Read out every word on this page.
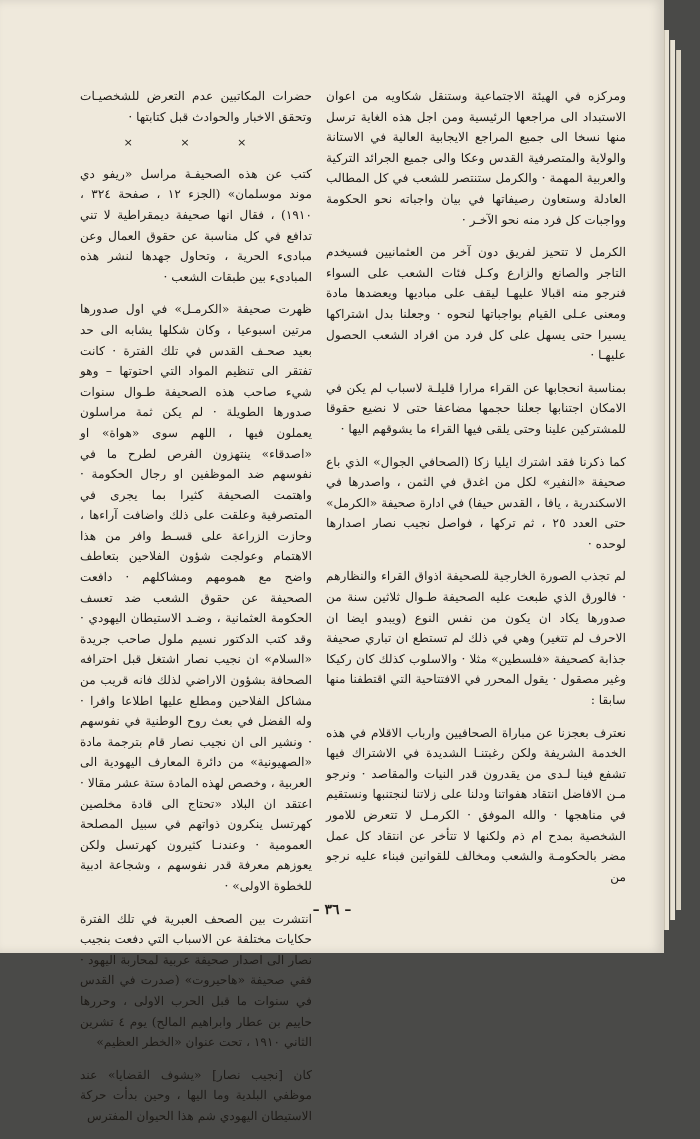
ومركزه في الهيئة الاجتماعية وستنقل شكاويه من اعوان الاستبداد الى مراجعها الرئيسية ومن اجل هذه الغاية ترسل منها نسخا الى جميع المراجع الايجابية العالية في الاستانة والولاية والمتصرفية القدس وعكا والى جميع الجرائد التركية والعربية المهمة · والكرمل ستنتصر للشعب في كل المطالب العادلة وستعاون رصيفاتها في بيان واجباته نحو الحكومة وواجبات كل فرد منه نحو الآخـر ·

الكرمل لا تتحيز لفريق دون آخر من العثمانيين فسيخدم التاجر والصانع والزارع وكـل فئات الشعب على السواء فنرجو منه اقبالا عليهـا ليقف على مباديها ويعضدها مادة ومعنى عـلى القيام بواجباتها لنحوه · وجعلنا بدل اشتراكها يسيرا حتى يسهل على كل فرد من افراد الشعب الحصول عليهـا ·

بمناسبة انحجابها عن القراء مرارا قليلـة لاسباب لم يكن في الامكان اجتنابها جعلنا حجمها مضاعفا حتى لا نضيع حقوقا للمشتركين علينا وحتى يلقى فيها القراء ما يشوقهم اليها ·

كما ذكرنا فقد اشترك ايليا زكا (الصحافي الجوال» الذي باع صحيفة «النفير» لكل من اغدق في الثمن ، واصدرها في الاسكندرية ، يافا ، القدس حيفا) في ادارة صحيفة «الكرمل» حتى العدد ٢٥ ، ثم تركها ، فواصل نجيب نصار اصدارها لوحده ·

لم تجذب الصورة الخارجية للصحيفة اذواق القراء والنظارهم · فالورق الذي طبعت عليه الصحيفة طـوال ثلاثين سنة من صدورها يكاد ان يكون من نفس النوع (ويبدو ايضا ان الاحرف لم تتغير) وهي في ذلك لم تستطع ان تباري صحيفة جذابة كصحيفة «فلسطين» مثلا · والاسلوب كذلك كان ركيكا وغير مصقول · يقول المحرر في الافتتاحية التي اقتطفنا منها سابقا :

نعترف بعجزنا عن مباراة الصحافيين وارباب الاقلام في هذه الخدمة الشريفة ولكن رغبتنـا الشديدة في الاشتراك فيها تشفع فينا لـدى من يقدرون قدر النيات والمقاصد · ونرجو مـن الافاضل انتقاد هفواتنا ودلنا على زلاتنا لنجتنبها ونستقيم في مناهجها · والله الموفق · الكرمـل لا تتعرض للامور الشخصية بمدح ام ذم ولكنها لا تتأخر عن انتقاد كل عمل مضر بالحكومـة والشعب ومخالف للقوانين فبناء عليه نرجو من

حضرات المكاتبين عدم التعرض للشخصيـات وتحقق الاخبار والحوادث قبل كتابتها ·

× × ×

كتب عن هذه الصحيفـة مراسل «ريفو دي موند موسلمان» (الجزء ١٢ ، صفحة ٣٢٤ ، ١٩١٠) ، فقال انها صحيفة ديمقراطية لا تني تدافع في كل مناسبة عن حقوق العمال وعن مبادىء الحرية ، وتحاول جهدها لنشر هذه المبادىء بين طبقات الشعب ·

ظهرت صحيفة «الكرمـل» في اول صدورها مرتين اسبوعيا ، وكان شكلها يشابه الى حد بعيد صحـف القدس في تلك الفترة · كانت تفتقر الى تنظيم المواد التي احتوتها – وهو شيء صاحب هذه الصحيفة طـوال سنوات صدورها الطويلة · لم يكن ثمة مراسلون يعملون فيها ، اللهم سوى «هواة» او «اصدقاء» ينتهزون الفرص لطرح ما في نفوسهم ضد الموظفين او رجال الحكومة · واهتمت الصحيفة كثيرا بما يجرى في المتصرفية وعلقت على ذلك واضافت آراءها ، وحازت الزراعة على قسـط وافر من هذا الاهتمام وعولجت شؤون الفلاحين بتعاطف واضح مع همومهم ومشاكلهم · دافعت الصحيفة عن حقوق الشعب ضد تعسف الحكومة العثمانية ، وضـد الاستيطان اليهودي · وقد كتب الدكتور نسيم ملول صاحب جريدة «السلام» ان نجيب نصار اشتغل قبل احترافه الصحافة بشؤون الاراضي لذلك فانه قريب من مشاكل الفلاحين ومطلع عليها اطلاعا وافرا · وله الفضل في بعث روح الوطنية في نفوسهم · ونشير الى ان نجيب نصار قام بترجمة مادة «الصهيونية» من دائرة المعارف اليهودية الى العربية ، وخصص لهذه المادة ستة عشر مقالا · اعتقد ان البلاد «تحتاج الى قادة مخلصين كهرتسل ينكرون ذواتهم في سبيل المصلحة العمومية · وعندنـا كثيرون كهرتسل ولكن يعوزهم معرفة قدر نفوسهم ، وشجاعة ادبية للخطوة الاولى» ·

انتشرت بين الصحف العبرية في تلك الفترة حكايات مختلفة عن الاسباب التي دفعت بنجيب نصار الى اصدار صحيفة عربية لمحاربة اليهود · ففي صحيفة «هاحيروت» (صدرت في القدس في سنوات ما قبل الحرب الاولى ، وحررها حاييم بن عطار وابراهيم المالح) يوم ٤ تشرين الثاني ١٩١٠ ، تحت عنوان «الخطر العظيم»

كان [نجيب نصار] «يشوف القضايا» عند موظفي البلدية وما اليها ، وحين بدأت حركة الاستيطان اليهودي شم هذا الحيوان المفترس

– ٣٦ –
